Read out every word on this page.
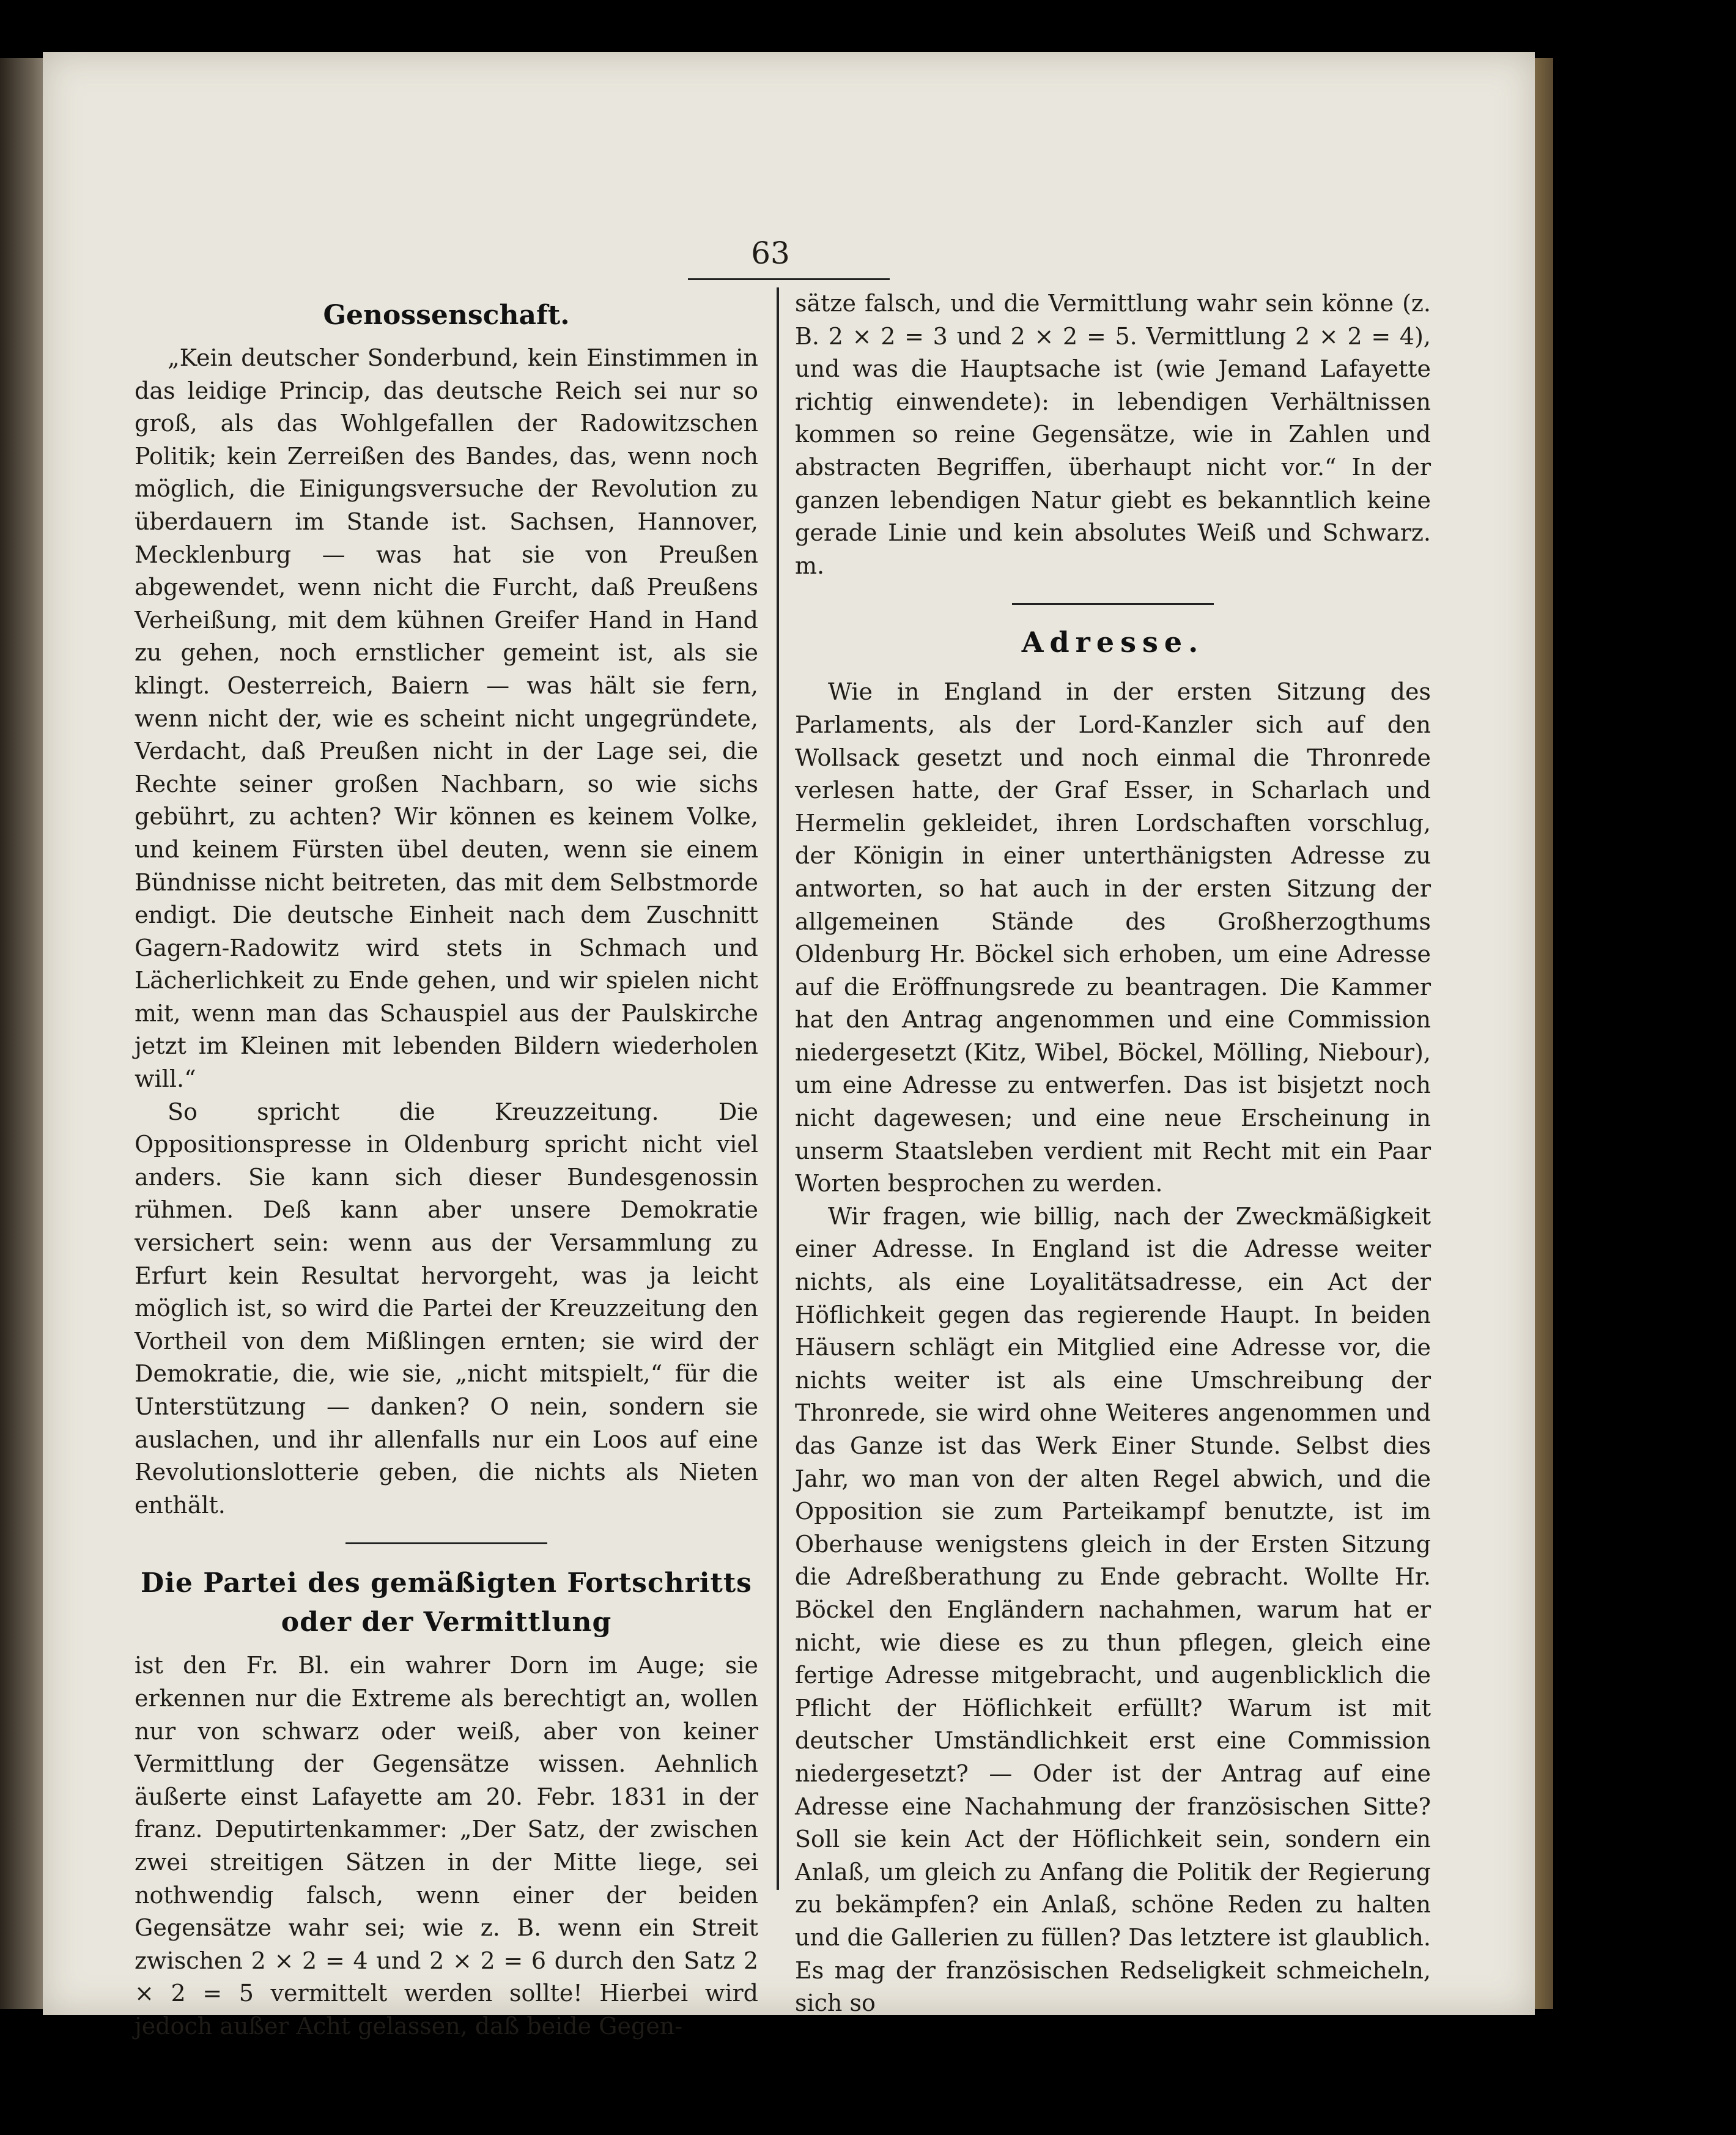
63
Genossenschaft.

„Kein deutscher Sonderbund, kein Einstimmen in das leidige Princip, das deutsche Reich sei nur so groß, als das Wohlgefallen der Radowitzschen Politik; kein Zerreißen des Bandes, das, wenn noch möglich, die Einigungsversuche der Revolution zu überdauern im Stande ist. Sachsen, Hannover, Mecklenburg — was hat sie von Preußen abgewendet, wenn nicht die Furcht, daß Preußens Verheißung, mit dem kühnen Greifer Hand in Hand zu gehen, noch ernstlicher gemeint ist, als sie klingt. Oesterreich, Baiern — was hält sie fern, wenn nicht der, wie es scheint nicht ungegründete, Verdacht, daß Preußen nicht in der Lage sei, die Rechte seiner großen Nachbarn, so wie sichs gebührt, zu achten? Wir können es keinem Volke, und keinem Fürsten übel deuten, wenn sie einem Bündnisse nicht beitreten, das mit dem Selbstmorde endigt. Die deutsche Einheit nach dem Zuschnitt Gagern-Radowitz wird stets in Schmach und Lächerlichkeit zu Ende gehen, und wir spielen nicht mit, wenn man das Schauspiel aus der Paulskirche jetzt im Kleinen mit lebenden Bildern wiederholen will.“

So spricht die Kreuzzeitung. Die Oppositionspresse in Oldenburg spricht nicht viel anders. Sie kann sich dieser Bundesgenossin rühmen. Deß kann aber unsere Demokratie versichert sein: wenn aus der Versammlung zu Erfurt kein Resultat hervorgeht, was ja leicht möglich ist, so wird die Partei der Kreuzzeitung den Vortheil von dem Mißlingen ernten; sie wird der Demokratie, die, wie sie, „nicht mitspielt,“ für die Unterstützung — danken? O nein, sondern sie auslachen, und ihr allenfalls nur ein Loos auf eine Revolutionslotterie geben, die nichts als Nieten enthält.

Die Partei des gemäßigten Fortschritts
oder der Vermittlung

ist den Fr. Bl. ein wahrer Dorn im Auge; sie erkennen nur die Extreme als berechtigt an, wollen nur von schwarz oder weiß, aber von keiner Vermittlung der Gegensätze wissen. Aehnlich äußerte einst Lafayette am 20. Febr. 1831 in der franz. Deputirtenkammer: „Der Satz, der zwischen zwei streitigen Sätzen in der Mitte liege, sei nothwendig falsch, wenn einer der beiden Gegensätze wahr sei; wie z. B. wenn ein Streit zwischen 2 × 2 = 4 und 2 × 2 = 6 durch den Satz 2 × 2 = 5 vermittelt werden sollte! Hierbei wird jedoch außer Acht gelassen, daß beide Gegen-

sätze falsch, und die Vermittlung wahr sein könne (z. B. 2 × 2 = 3 und 2 × 2 = 5. Vermittlung 2 × 2 = 4), und was die Hauptsache ist (wie Jemand Lafayette richtig einwendete): in lebendigen Verhältnissen kommen so reine Gegensätze, wie in Zahlen und abstracten Begriffen, überhaupt nicht vor.“ In der ganzen lebendigen Natur giebt es bekanntlich keine gerade Linie und kein absolutes Weiß und Schwarz. m.

Adresse.

Wie in England in der ersten Sitzung des Parlaments, als der Lord-Kanzler sich auf den Wollsack gesetzt und noch einmal die Thronrede verlesen hatte, der Graf Esser, in Scharlach und Hermelin gekleidet, ihren Lordschaften vorschlug, der Königin in einer unterthänigsten Adresse zu antworten, so hat auch in der ersten Sitzung der allgemeinen Stände des Großherzogthums Oldenburg Hr. Böckel sich erhoben, um eine Adresse auf die Eröffnungsrede zu beantragen. Die Kammer hat den Antrag angenommen und eine Commission niedergesetzt (Kitz, Wibel, Böckel, Mölling, Niebour), um eine Adresse zu entwerfen. Das ist bisjetzt noch nicht dagewesen; und eine neue Erscheinung in unserm Staatsleben verdient mit Recht mit ein Paar Worten besprochen zu werden.

Wir fragen, wie billig, nach der Zweckmäßigkeit einer Adresse. In England ist die Adresse weiter nichts, als eine Loyalitätsadresse, ein Act der Höflichkeit gegen das regierende Haupt. In beiden Häusern schlägt ein Mitglied eine Adresse vor, die nichts weiter ist als eine Umschreibung der Thronrede, sie wird ohne Weiteres angenommen und das Ganze ist das Werk Einer Stunde. Selbst dies Jahr, wo man von der alten Regel abwich, und die Opposition sie zum Parteikampf benutzte, ist im Oberhause wenigstens gleich in der Ersten Sitzung die Adreßberathung zu Ende gebracht. Wollte Hr. Böckel den Engländern nachahmen, warum hat er nicht, wie diese es zu thun pflegen, gleich eine fertige Adresse mitgebracht, und augenblicklich die Pflicht der Höflichkeit erfüllt? Warum ist mit deutscher Umständlichkeit erst eine Commission niedergesetzt? — Oder ist der Antrag auf eine Adresse eine Nachahmung der französischen Sitte? Soll sie kein Act der Höflichkeit sein, sondern ein Anlaß, um gleich zu Anfang die Politik der Regierung zu bekämpfen? ein Anlaß, schöne Reden zu halten und die Gallerien zu füllen? Das letztere ist glaublich. Es mag der französischen Redseligkeit schmeicheln, sich so
